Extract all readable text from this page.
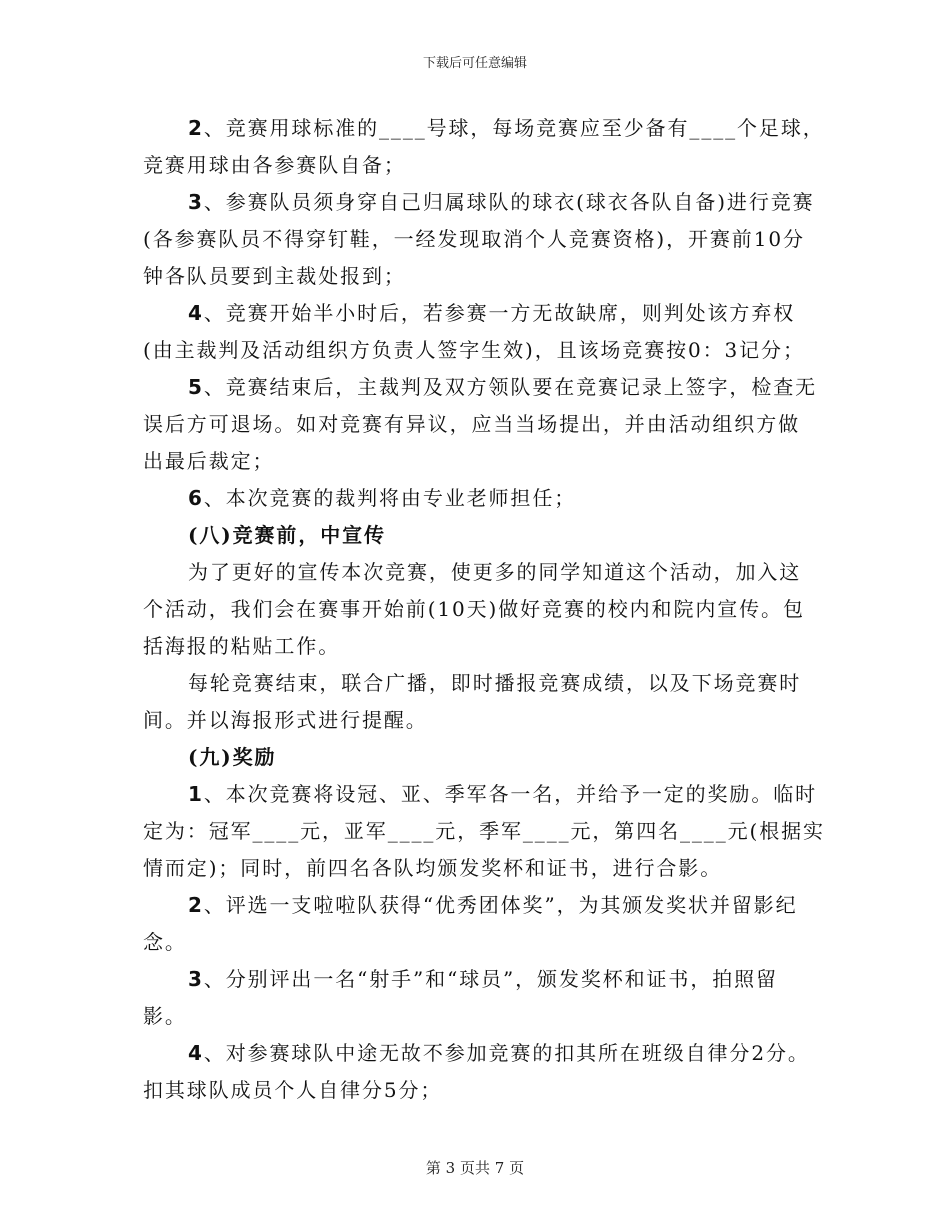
下载后可任意编辑
2、竞赛用球标准的____号球，每场竞赛应至少备有____个足球，
竞赛用球由各参赛队自备；
3、参赛队员须身穿自己归属球队的球衣(球衣各队自备)进行竞赛
(各参赛队员不得穿钉鞋，一经发现取消个人竞赛资格)，开赛前10分
钟各队员要到主裁处报到；
4、竞赛开始半小时后，若参赛一方无故缺席，则判处该方弃权
(由主裁判及活动组织方负责人签字生效)，且该场竞赛按0：3记分；
5、竞赛结束后，主裁判及双方领队要在竞赛记录上签字，检查无
误后方可退场。如对竞赛有异议，应当当场提出，并由活动组织方做
出最后裁定；
6、本次竞赛的裁判将由专业老师担任；
(八)竞赛前，中宣传
为了更好的宣传本次竞赛，使更多的同学知道这个活动，加入这
个活动，我们会在赛事开始前(10天)做好竞赛的校内和院内宣传。包
括海报的粘贴工作。
每轮竞赛结束，联合广播，即时播报竞赛成绩，以及下场竞赛时
间。并以海报形式进行提醒。
(九)奖励
1、本次竞赛将设冠、亚、季军各一名，并给予一定的奖励。临时
定为：冠军____元，亚军____元，季军____元，第四名____元(根据实
情而定)；同时，前四名各队均颁发奖杯和证书，进行合影。
2、评选一支啦啦队获得“优秀团体奖”，为其颁发奖状并留影纪
念。
3、分别评出一名“射手”和“球员”，颁发奖杯和证书，拍照留
影。
4、对参赛球队中途无故不参加竞赛的扣其所在班级自律分2分。
扣其球队成员个人自律分5分；
第 3 页共 7 页
